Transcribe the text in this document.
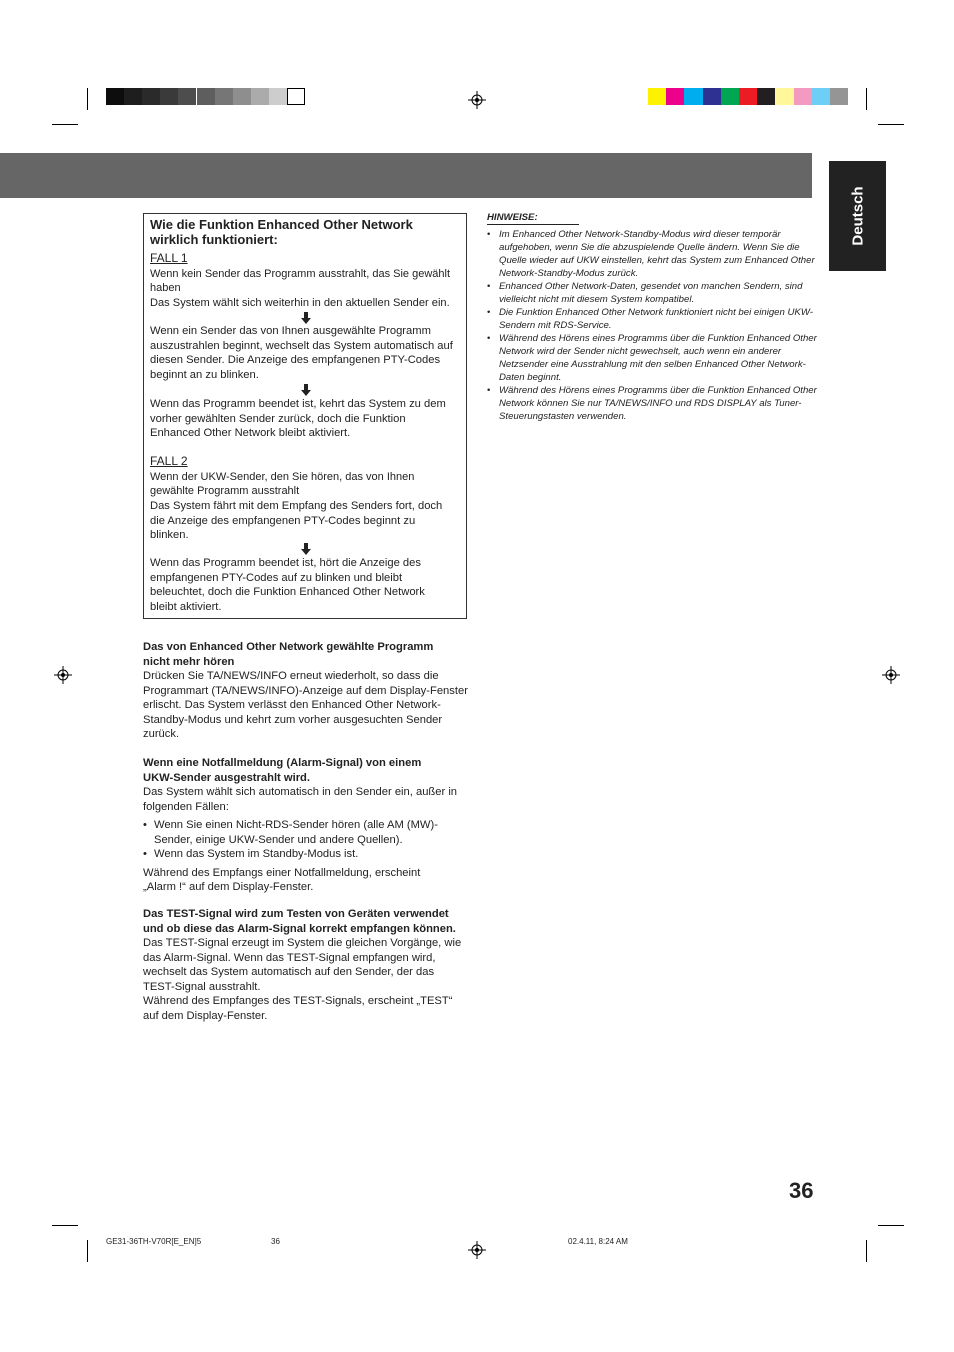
Deutsch
Wie die Funktion Enhanced Other Network wirklich funktioniert:
FALL 1
Wenn kein Sender das Programm ausstrahlt, das Sie gewählt haben
Das System wählt sich weiterhin in den aktuellen Sender ein.
Wenn ein Sender das von Ihnen ausgewählte Programm auszustrahlen beginnt, wechselt das System automatisch auf diesen Sender. Die Anzeige des empfangenen PTY-Codes beginnt an zu blinken.
Wenn das Programm beendet ist, kehrt das System zu dem vorher gewählten Sender zurück, doch die Funktion Enhanced Other Network bleibt aktiviert.
FALL 2
Wenn der UKW-Sender, den Sie hören, das von Ihnen gewählte Programm ausstrahlt
Das System fährt mit dem Empfang des Senders fort, doch die Anzeige des empfangenen PTY-Codes beginnt zu blinken.
Wenn das Programm beendet ist, hört die Anzeige des empfangenen PTY-Codes auf zu blinken und bleibt beleuchtet, doch die Funktion Enhanced Other Network bleibt aktiviert.

Das von Enhanced Other Network gewählte Programm nicht mehr hören

Drücken Sie TA/NEWS/INFO erneut wiederholt, so dass die Programmart (TA/NEWS/INFO)-Anzeige auf dem Display-Fenster erlischt. Das System verlässt den Enhanced Other Network-Standby-Modus und kehrt zum vorher ausgesuchten Sender zurück.

Wenn eine Notfallmeldung (Alarm-Signal) von einem UKW-Sender ausgestrahlt wird.

Das System wählt sich automatisch in den Sender ein, außer in folgenden Fällen:

• Wenn Sie einen Nicht-RDS-Sender hören (alle AM (MW)-Sender, einige UKW-Sender und andere Quellen).

• Wenn das System im Standby-Modus ist.

Während des Empfangs einer Notfallmeldung, erscheint „Alarm !“ auf dem Display-Fenster.

Das TEST-Signal wird zum Testen von Geräten verwendet und ob diese das Alarm-Signal korrekt empfangen können.

Das TEST-Signal erzeugt im System die gleichen Vorgänge, wie das Alarm-Signal. Wenn das TEST-Signal empfangen wird, wechselt das System automatisch auf den Sender, der das TEST-Signal ausstrahlt.

Während des Empfanges des TEST-Signals, erscheint „TEST“ auf dem Display-Fenster.

HINWEISE:
• Im Enhanced Other Network-Standby-Modus wird dieser temporär aufgehoben, wenn Sie die abzuspielende Quelle ändern. Wenn Sie die Quelle wieder auf UKW einstellen, kehrt das System zum Enhanced Other Network-Standby-Modus zurück.
• Enhanced Other Network-Daten, gesendet von manchen Sendern, sind vielleicht nicht mit diesem System kompatibel.
• Die Funktion Enhanced Other Network funktioniert nicht bei einigen UKW-Sendern mit RDS-Service.
• Während des Hörens eines Programms über die Funktion Enhanced Other Network wird der Sender nicht gewechselt, auch wenn ein anderer Netzsender eine Ausstrahlung mit den selben Enhanced Other Network-Daten beginnt.
• Während des Hörens eines Programms über die Funktion Enhanced Other Network können Sie nur TA/NEWS/INFO und RDS DISPLAY als Tuner-Steuerungstasten verwenden.
36
GE31-36TH-V70R[E_EN]5	36	02.4.11, 8:24 AM
